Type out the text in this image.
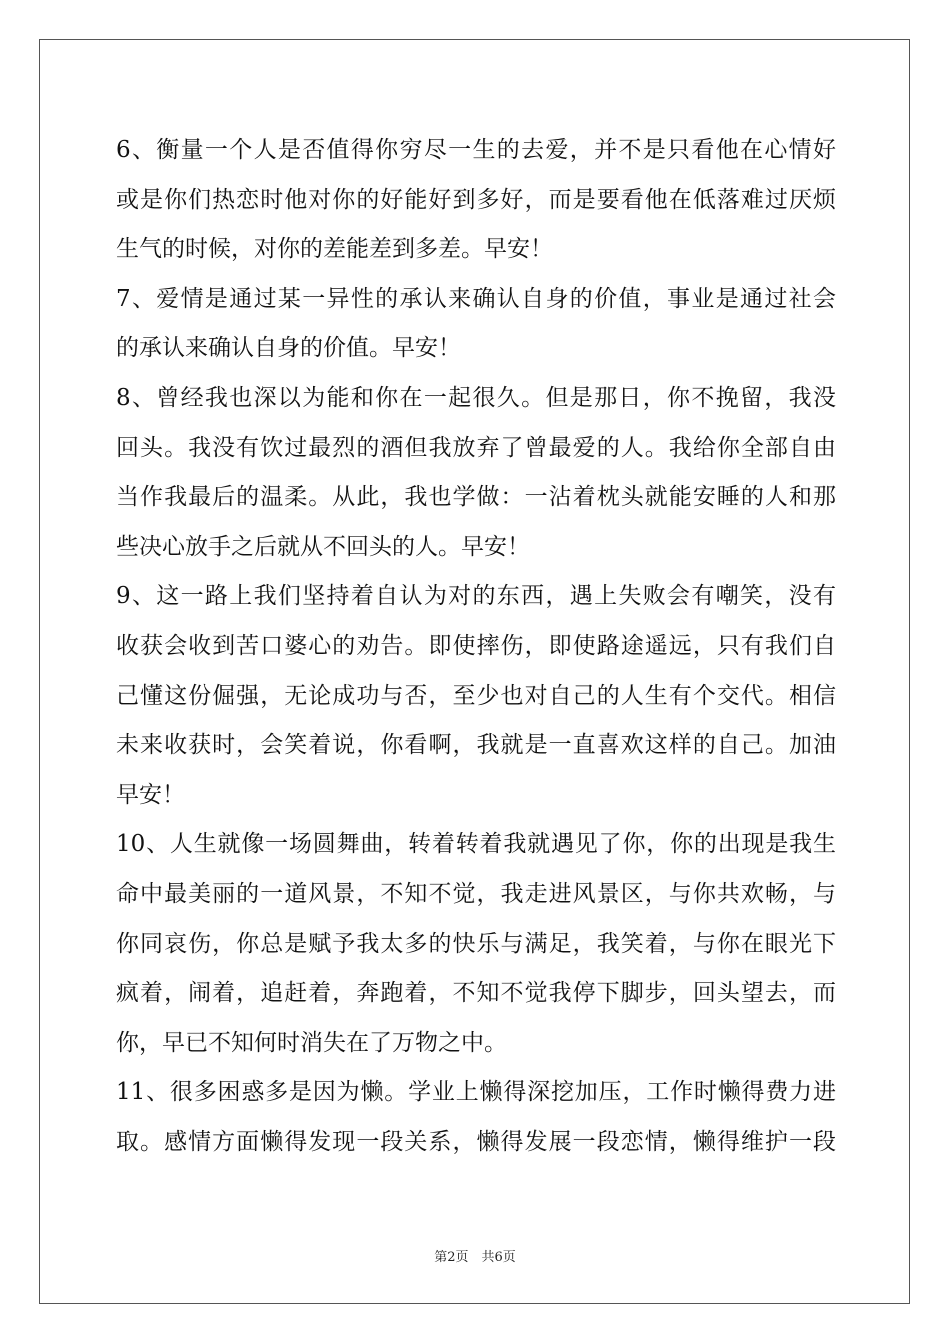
6、衡量一个人是否值得你穷尽一生的去爱，并不是只看他在心情好
或是你们热恋时他对你的好能好到多好，而是要看他在低落难过厌烦
生气的时候，对你的差能差到多差。早安！
7、爱情是通过某一异性的承认来确认自身的价值，事业是通过社会
的承认来确认自身的价值。早安！
8、曾经我也深以为能和你在一起很久。但是那日，你不挽留，我没
回头。我没有饮过最烈的酒但我放弃了曾最爱的人。我给你全部自由
当作我最后的温柔。从此，我也学做：一沾着枕头就能安睡的人和那
些决心放手之后就从不回头的人。早安！
9、这一路上我们坚持着自认为对的东西，遇上失败会有嘲笑，没有
收获会收到苦口婆心的劝告。即使摔伤，即使路途遥远，只有我们自
己懂这份倔强，无论成功与否，至少也对自己的人生有个交代。相信
未来收获时，会笑着说，你看啊，我就是一直喜欢这样的自己。加油
早安！
10、人生就像一场圆舞曲，转着转着我就遇见了你，你的出现是我生
命中最美丽的一道风景，不知不觉，我走进风景区，与你共欢畅，与
你同哀伤，你总是赋予我太多的快乐与满足，我笑着，与你在眼光下
疯着，闹着，追赶着，奔跑着，不知不觉我停下脚步，回头望去，而
你，早已不知何时消失在了万物之中。
11、很多困惑多是因为懒。学业上懒得深挖加压，工作时懒得费力进
取。感情方面懒得发现一段关系，懒得发展一段恋情，懒得维护一段
第2页　共6页
